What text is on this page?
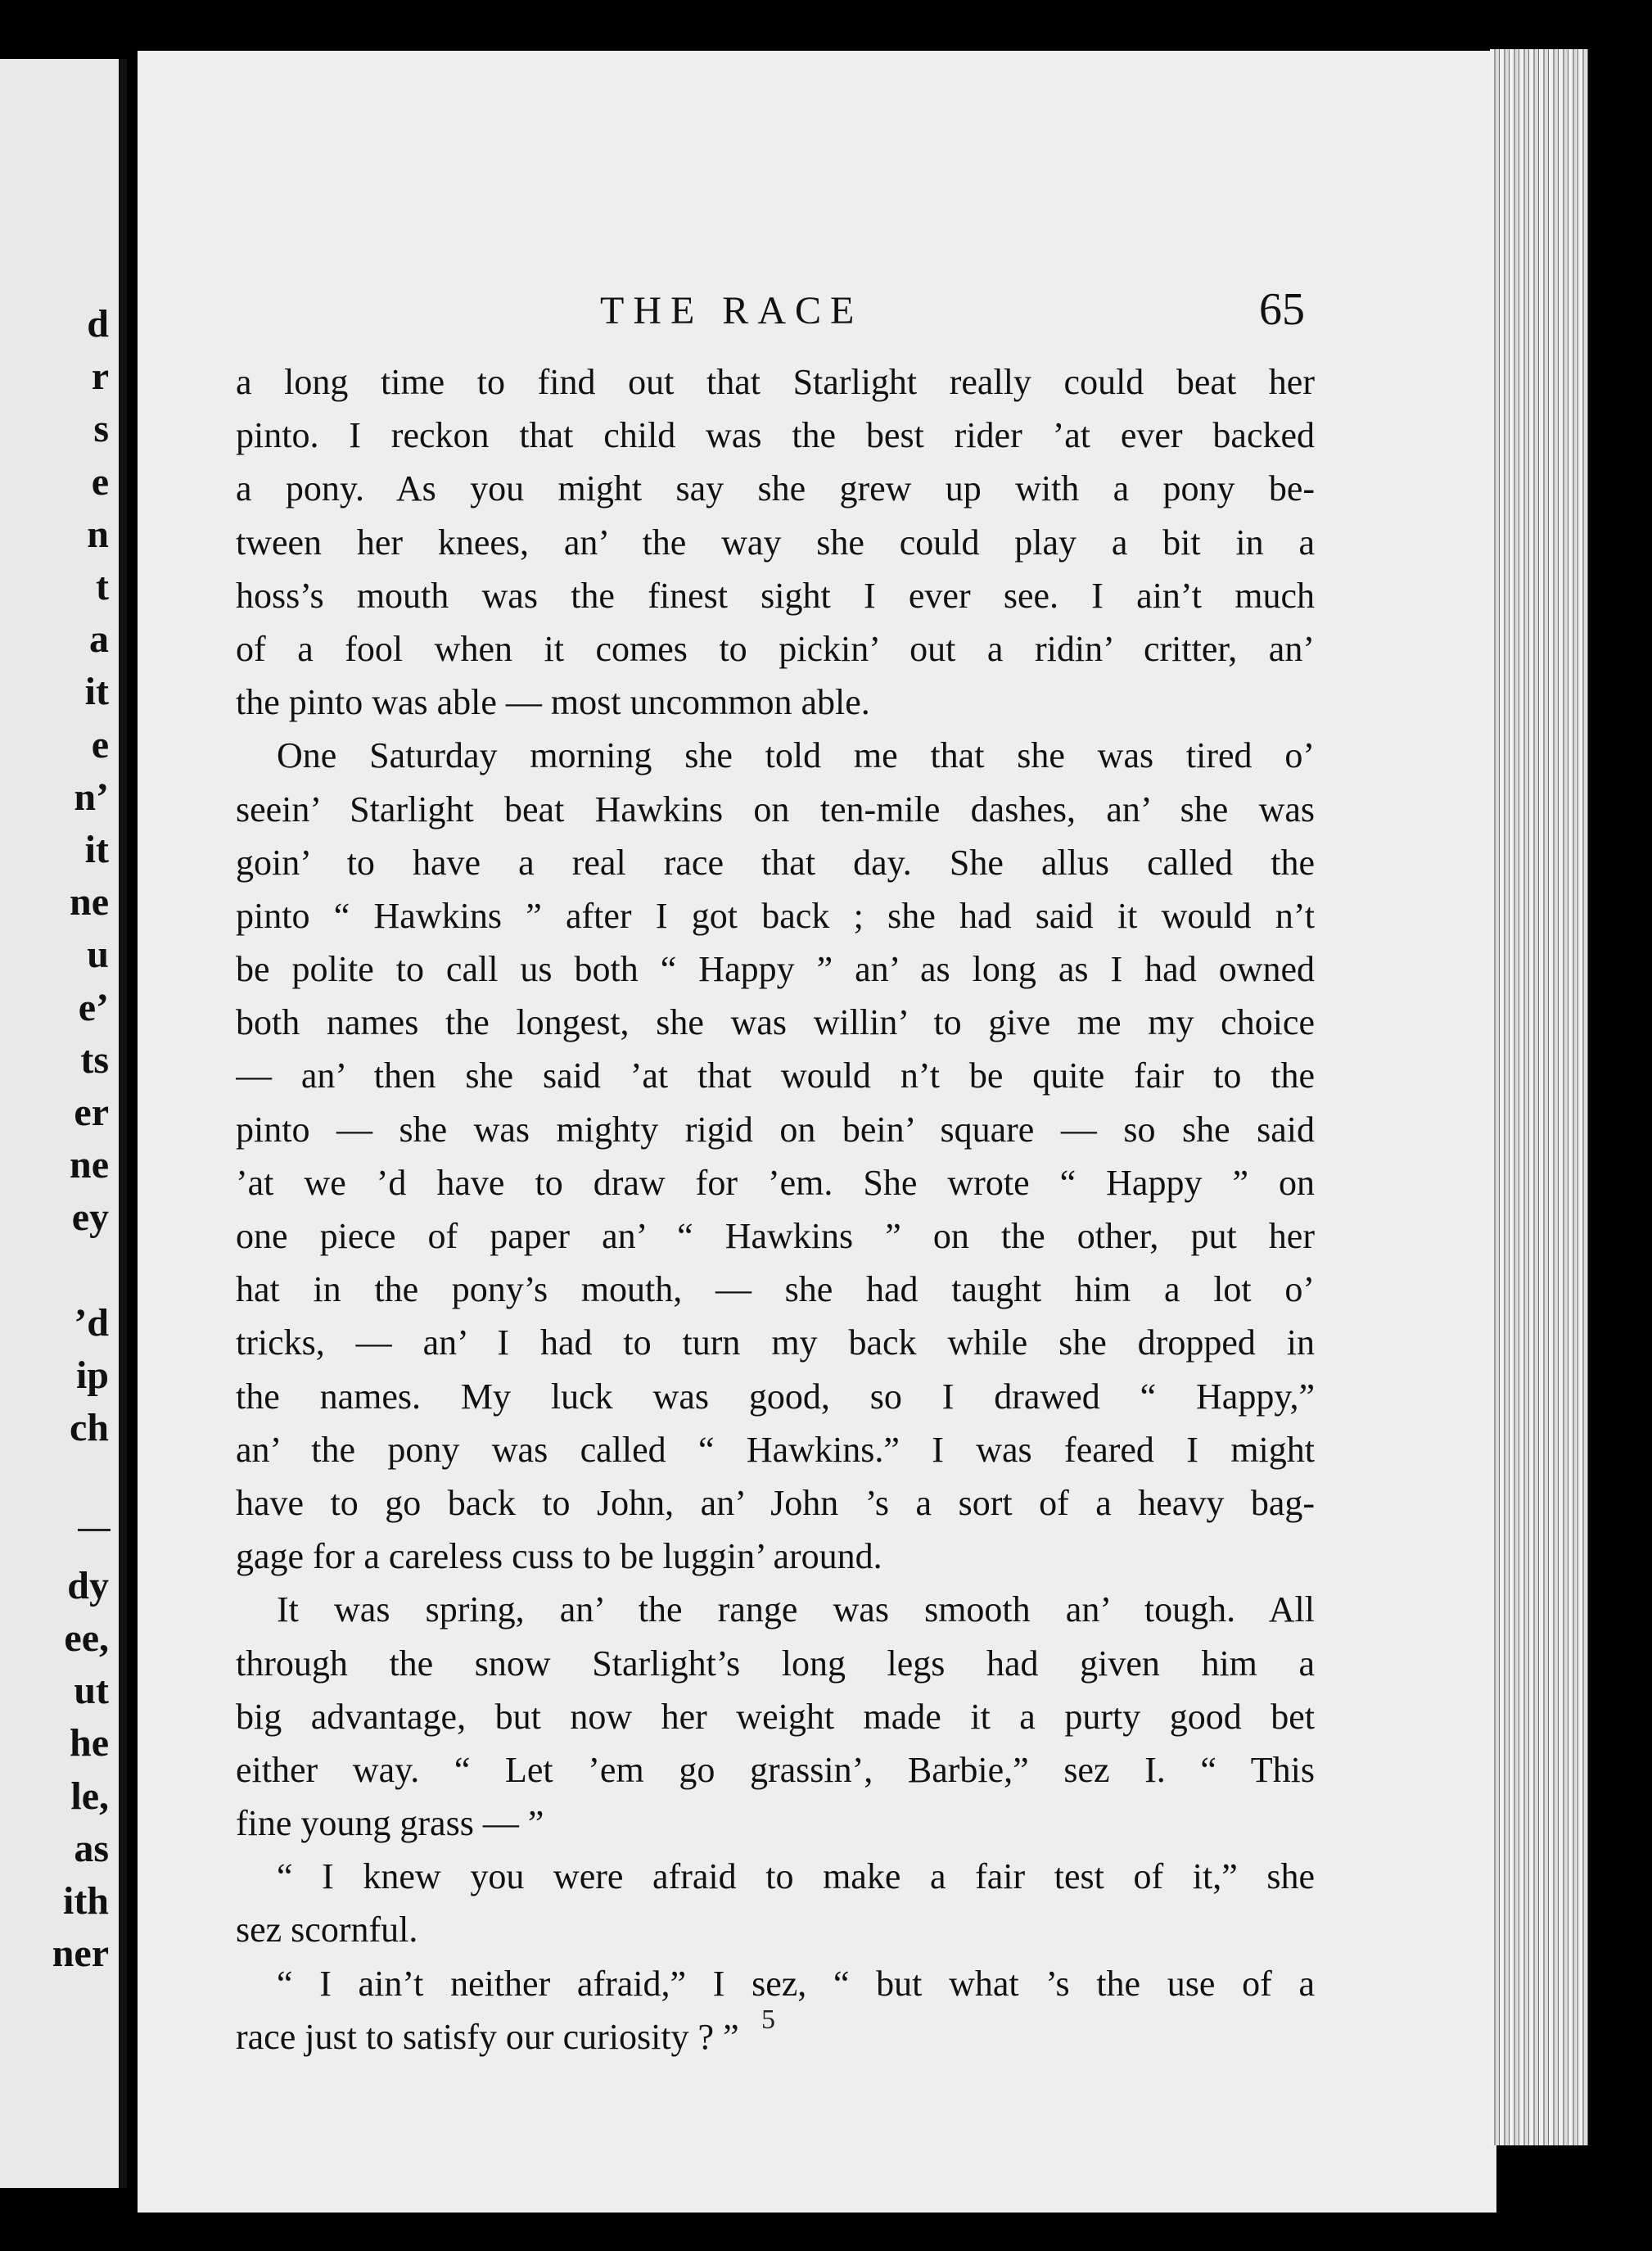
d
r
s
e
n
t
a
it
e
n’
it
ne
u
e’
ts
er
ne
ey
’d
ip
ch
dy
ee,
ut
he
le,
as
ith
ner
THE RACE	65
a long time to find out that Starlight really could beat her
pinto. I reckon that child was the best rider ’at ever backed
a pony. As you might say she grew up with a pony be-
tween her knees, an’ the way she could play a bit in a
hoss’s mouth was the finest sight I ever see. I ain’t much
of a fool when it comes to pickin’ out a ridin’ critter, an’
the pinto was able — most uncommon able.
One Saturday morning she told me that she was tired o’
seein’ Starlight beat Hawkins on ten-mile dashes, an’ she was
goin’ to have a real race that day. She allus called the
pinto “ Hawkins ” after I got back ; she had said it would n’t
be polite to call us both “ Happy ” an’ as long as I had owned
both names the longest, she was willin’ to give me my choice
— an’ then she said ’at that would n’t be quite fair to the
pinto — she was mighty rigid on bein’ square — so she said
’at we ’d have to draw for ’em. She wrote “ Happy ” on
one piece of paper an’ “ Hawkins ” on the other, put her
hat in the pony’s mouth, — she had taught him a lot o’
tricks, — an’ I had to turn my back while she dropped in
the names. My luck was good, so I drawed “ Happy,”
an’ the pony was called “ Hawkins.” I was feared I might
have to go back to John, an’ John ’s a sort of a heavy bag-
gage for a careless cuss to be luggin’ around.
It was spring, an’ the range was smooth an’ tough. All
through the snow Starlight’s long legs had given him a
big advantage, but now her weight made it a purty good bet
either way. “ Let ’em go grassin’, Barbie,” sez I. “ This
fine young grass — ”
“ I knew you were afraid to make a fair test of it,” she
sez scornful.
“ I ain’t neither afraid,” I sez, “ but what ’s the use of a
race just to satisfy our curiosity ? ” 5
